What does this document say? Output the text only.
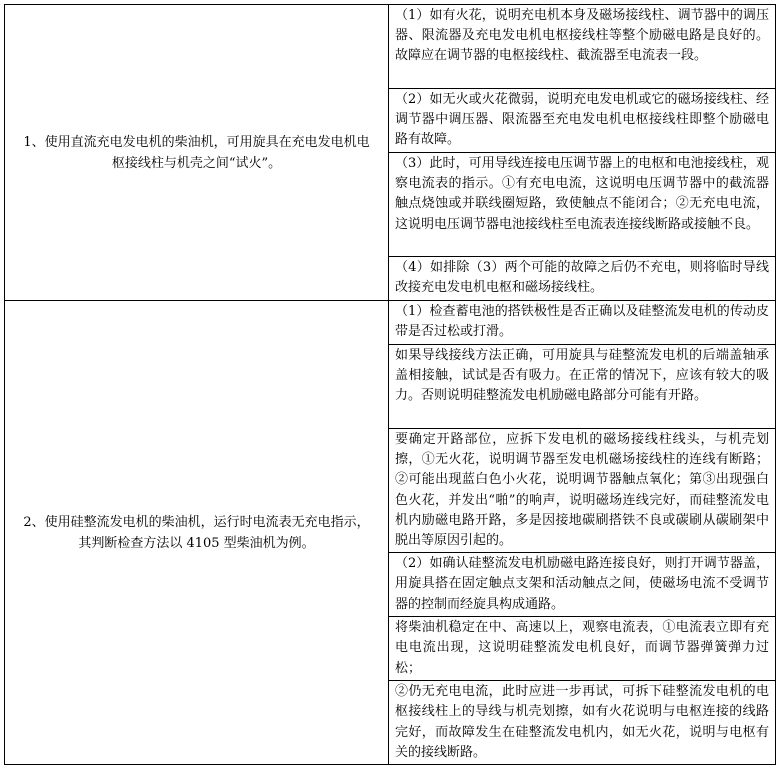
1、使用直流充电发电机的柴油机，可用旋具在充电发电机电枢接线柱与机壳之间“试火”。	（1）如有火花，说明充电机本身及磁场接线柱、调节器中的调压器、限流器及充电发电机电枢接线柱等整个励磁电路是良好的。故障应在调节器的电枢接线柱、截流器至电流表一段。
	（2）如无火或火花微弱，说明充电发电机或它的磁场接线柱、经调节器中调压器、限流器至充电发电机电枢接线柱即整个励磁电路有故障。
	（3）此时，可用导线连接电压调节器上的电枢和电池接线柱，观察电流表的指示。①有充电电流，这说明电压调节器中的截流器触点烧蚀或并联线圈短路，致使触点不能闭合；②无充电电流，这说明电压调节器电池接线柱至电流表连接线断路或接触不良。
	（4）如排除（3）两个可能的故障之后仍不充电，则将临时导线改接充电发电机电枢和磁场接线柱。
2、使用硅整流发电机的柴油机，运行时电流表无充电指示，其判断检查方法以 4105 型柴油机为例。	（1）检查蓄电池的搭铁极性是否正确以及硅整流发电机的传动皮带是否过松或打滑。
	如果导线接线方法正确，可用旋具与硅整流发电机的后端盖轴承盖相接触，试试是否有吸力。在正常的情况下，应该有较大的吸力。否则说明硅整流发电机励磁电路部分可能有开路。
	要确定开路部位，应拆下发电机的磁场接线柱线头，与机壳划擦，①无火花，说明调节器至发电机磁场接线柱的连线有断路；②可能出现蓝白色小火花，说明调节器触点氧化；第③出现强白色火花，并发出“啪”的响声，说明磁场连线完好，而硅整流发电机内励磁电路开路，多是因接地碳刷搭铁不良或碳刷从碳刷架中脱出等原因引起的。
	（2）如确认硅整流发电机励磁电路连接良好，则打开调节器盖，用旋具搭在固定触点支架和活动触点之间，使磁场电流不受调节器的控制而经旋具构成通路。
	将柴油机稳定在中、高速以上，观察电流表，①电流表立即有充电电流出现，这说明硅整流发电机良好，而调节器弹簧弹力过松；
	②仍无充电电流，此时应进一步再试，可拆下硅整流发电机的电枢接线柱上的导线与机壳划擦，如有火花说明与电枢连接的线路完好，而故障发生在硅整流发电机内，如无火花，说明与电枢有关的接线断路。
